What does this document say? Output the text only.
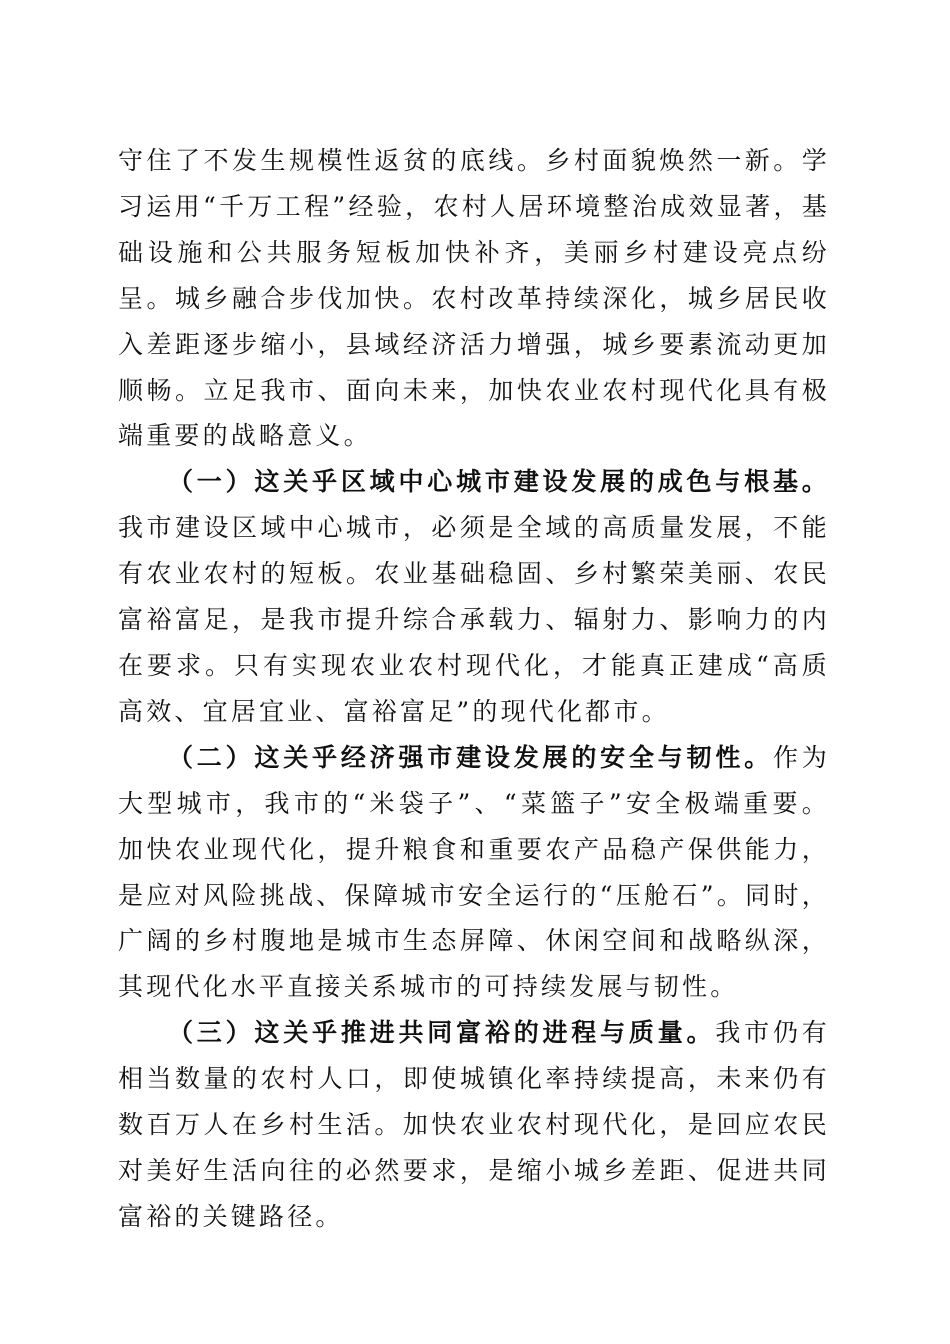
守住了不发生规模性返贫的底线。乡村面貌焕然一新。学习运用“千万工程”经验，农村人居环境整治成效显著，基础设施和公共服务短板加快补齐，美丽乡村建设亮点纷呈。城乡融合步伐加快。农村改革持续深化，城乡居民收入差距逐步缩小，县域经济活力增强，城乡要素流动更加顺畅。立足我市、面向未来，加快农业农村现代化具有极端重要的战略意义。

（一）这关乎区域中心城市建设发展的成色与根基。我市建设区域中心城市，必须是全域的高质量发展，不能有农业农村的短板。农业基础稳固、乡村繁荣美丽、农民富裕富足，是我市提升综合承载力、辐射力、影响力的内在要求。只有实现农业农村现代化，才能真正建成“高质高效、宜居宜业、富裕富足”的现代化都市。

（二）这关乎经济强市建设发展的安全与韧性。作为大型城市，我市的“米袋子”、“菜篮子”安全极端重要。加快农业现代化，提升粮食和重要农产品稳产保供能力，是应对风险挑战、保障城市安全运行的“压舱石”。同时，广阔的乡村腹地是城市生态屏障、休闲空间和战略纵深，其现代化水平直接关系城市的可持续发展与韧性。

（三）这关乎推进共同富裕的进程与质量。我市仍有相当数量的农村人口，即使城镇化率持续提高，未来仍有数百万人在乡村生活。加快农业农村现代化，是回应农民对美好生活向往的必然要求，是缩小城乡差距、促进共同富裕的关键路径。
